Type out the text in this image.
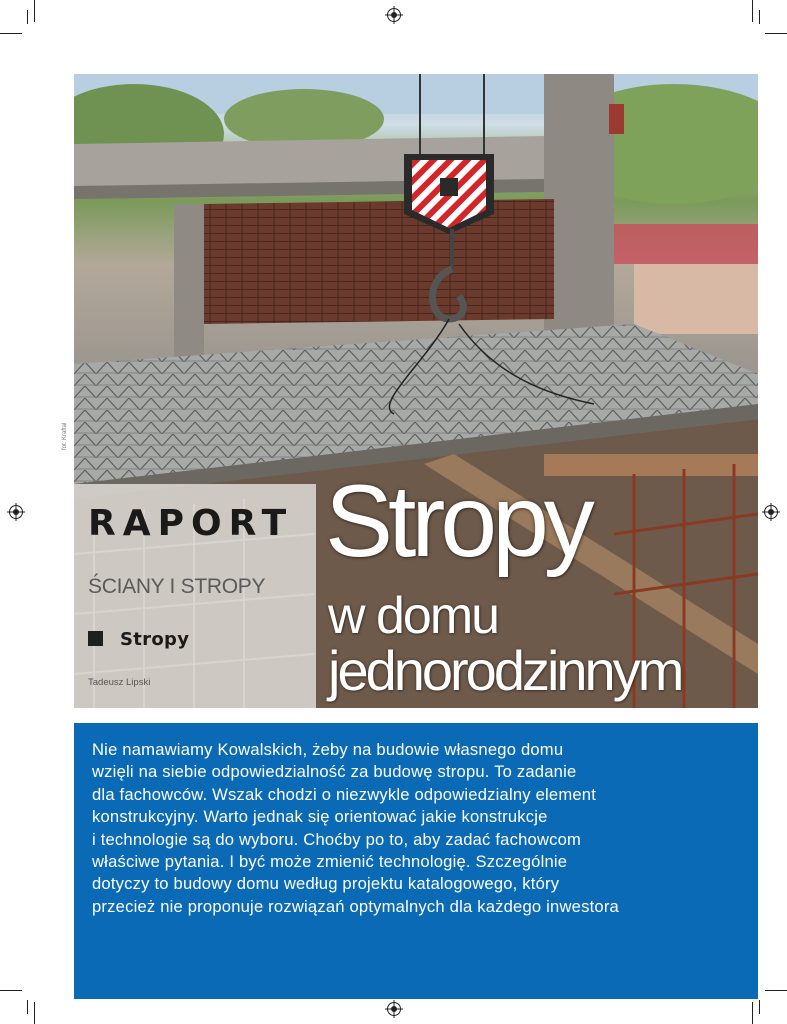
fot. Kraftal
RAPORT
ŚCIANY I STROPY
Stropy
Tadeusz Lipski
Stropy
w domu
jednorodzinnym

Nie namawiamy Kowalskich, żeby na budowie własnego domu
wzięli na siebie odpowiedzialność za budowę stropu. To zadanie
dla fachowców. Wszak chodzi o niezwykle odpowiedzialny element
konstrukcyjny. Warto jednak się orientować jakie konstrukcje
i technologie są do wyboru. Choćby po to, aby zadać fachowcom
właściwe pytania. I być może zmienić technologię. Szczególnie
dotyczy to budowy domu według projektu katalogowego, który
przecież nie proponuje rozwiązań optymalnych dla każdego inwestora
